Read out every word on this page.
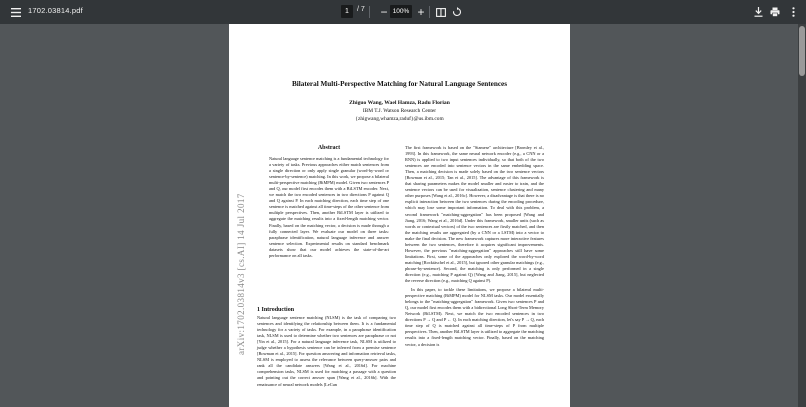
1702.03814.pdf	1	/ 7	− 100% +
arXiv:1702.03814v3 [cs.AI] 14 Jul 2017
Bilateral Multi-Perspective Matching for Natural Language Sentences
Zhiguo Wang, Wael Hamza, Radu Florian
IBM T.J. Watson Research Center
{zhigwang,whamza,raduf}@us.ibm.com
Abstract
Natural language sentence matching is a fundamental technology for a variety of tasks. Previous approaches either match sentences from a single direction or only apply single granular (word-by-word or sentence-by-sentence) matching. In this work, we propose a bilateral multi-perspective matching (BiMPM) model. Given two sentences P and Q, our model first encodes them with a BiLSTM encoder. Next, we match the two encoded sentences in two directions P against Q and Q against P. In each matching direction, each time step of one sentence is matched against all time-steps of the other sentence from multiple perspectives. Then, another BiLSTM layer is utilized to aggregate the matching results into a fixed-length matching vector. Finally, based on the matching vector, a decision is made through a fully connected layer. We evaluate our model on three tasks: paraphrase identification, natural language inference and answer sentence selection. Experimental results on standard benchmark datasets show that our model achieves the state-of-the-art performance on all tasks.
1 Introduction
Natural language sentence matching (NLSM) is the task of comparing two sentences and identifying the relationship between them. It is a fundamental technology for a variety of tasks. For example, in a paraphrase identification task, NLSM is used to determine whether two sentences are paraphrase or not [Yin et al., 2015]. For a natural language inference task, NLSM is utilized to judge whether a hypothesis sentence can be inferred from a premise sentence [Bowman et al., 2015]. For question answering and information retrieval tasks, NLSM is employed to assess the relevance between query-answer pairs and rank all the candidate answers [Wang et al., 2016d]. For machine comprehension tasks, NLSM is used for matching a passage with a question and pointing out the correct answer span [Wang et al., 2016b]. With the renaissance of neural network models [LeCun

The first framework is based on the "Siamese" architecture [Bromley et al., 1993]. In this framework, the same neural network encoder (e.g., a CNN or a RNN) is applied to two input sentences individually, so that both of the two sentences are encoded into sentence vectors in the same embedding space. Then, a matching decision is made solely based on the two sentence vectors [Bowman et al., 2015; Tan et al., 2015]. The advantage of this framework is that sharing parameters makes the model smaller and easier to train, and the sentence vectors can be used for visualization, sentence clustering and many other purposes [Wang et al., 2016c]. However, a disadvantage is that there is no explicit interaction between the two sentences during the encoding procedure, which may lose some important information. To deal with this problem, a second framework "matching-aggregation" has been proposed [Wang and Jiang, 2016; Wang et al., 2016d]. Under this framework, smaller units (such as words or contextual vectors) of the two sentences are firstly matched, and then the matching results are aggregated (by a CNN or a LSTM) into a vector to make the final decision. The new framework captures more interactive features between the two sentences, therefore it acquires significant improvements. However, the previous "matching-aggregation" approaches still have some limitations. First, some of the approaches only explored the word-by-word matching [Rocktäschel et al., 2015], but ignored other granular matchings (e.g., phrase-by-sentence). Second, the matching is only performed in a single direction (e.g., matching P against Q) [Wang and Jiang, 2015], but neglected the reverse direction (e.g., matching Q against P).

In this paper, to tackle these limitations, we propose a bilateral multi-perspective matching (BiMPM) model for NLSM tasks. Our model essentially belongs to the "matching-aggregation" framework. Given two sentences P and Q, our model first encodes them with a bidirectional Long Short-Term Memory Network (BiLSTM). Next, we match the two encoded sentences in two directions P → Q and P ← Q. In each matching direction, let's say P → Q, each time step of Q is matched against all time-steps of P from multiple perspectives. Then, another BiLSTM layer is utilized to aggregate the matching results into a fixed-length matching vector. Finally, based on the matching vector, a decision is
